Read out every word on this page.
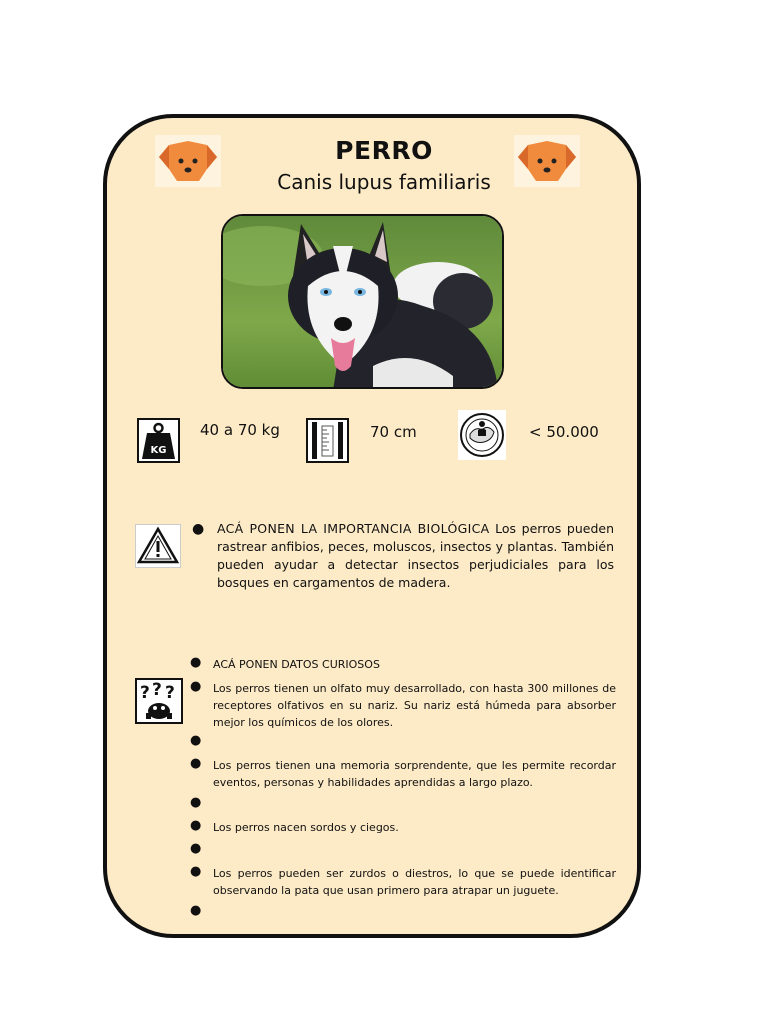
PERRO
Canis lupus familiaris
KG
40 a 70 kg	70 cm	< 50.000
● ACÁ PONEN LA IMPORTANCIA BIOLÓGICA Los perros pueden rastrear anfibios, peces, moluscos, insectos y plantas. También pueden ayudar a detectar insectos perjudiciales para los bosques en cargamentos de madera.
? ? ?
● ACÁ PONEN DATOS CURIOSOS
● Los perros tienen un olfato muy desarrollado, con hasta 300 millones de receptores olfativos en su nariz. Su nariz está húmeda para absorber mejor los químicos de los olores.
●
● Los perros tienen una memoria sorprendente, que les permite recordar eventos, personas y habilidades aprendidas a largo plazo.
●
● Los perros nacen sordos y ciegos.
●
● Los perros pueden ser zurdos o diestros, lo que se puede identificar observando la pata que usan primero para atrapar un juguete.
●
